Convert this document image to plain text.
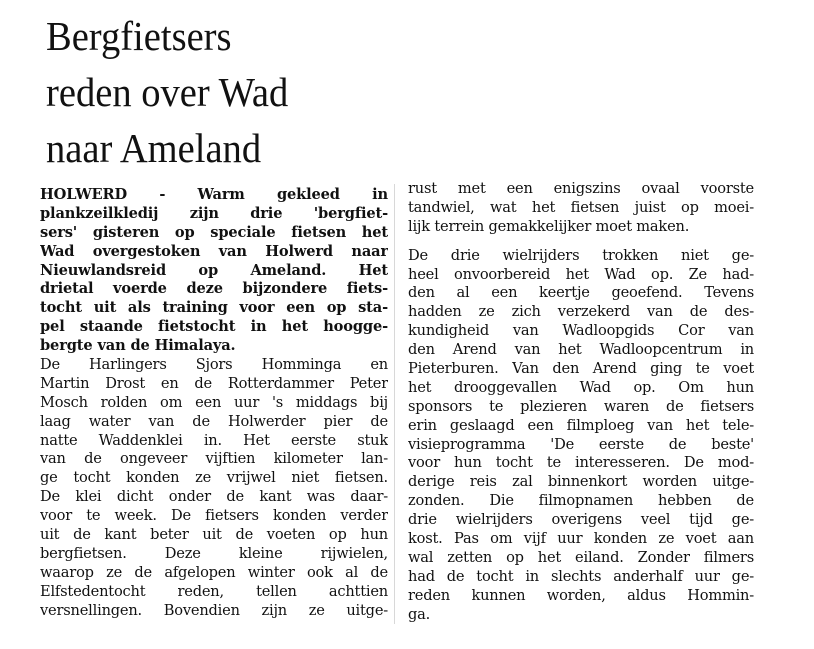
Bergfietsers
reden over Wad
naar Ameland
HOLWERD - Warm gekleed in
plankzeilkledij zijn drie 'bergfiet-
sers' gisteren op speciale fietsen het
Wad overgestoken van Holwerd naar
Nieuwlandsreid op Ameland. Het
drietal voerde deze bijzondere fiets-
tocht uit als training voor een op sta-
pel staande fietstocht in het hoogge-
bergte van de Himalaya.
De Harlingers Sjors Homminga en
Martin Drost en de Rotterdammer Peter
Mosch rolden om een uur 's middags bij
laag water van de Holwerder pier de
natte Waddenklei in. Het eerste stuk
van de ongeveer vijftien kilometer lan-
ge tocht konden ze vrijwel niet fietsen.
De klei dicht onder de kant was daar-
voor te week. De fietsers konden verder
uit de kant beter uit de voeten op hun
bergfietsen. Deze kleine rijwielen,
waarop ze de afgelopen winter ook al de
Elfstedentocht reden, tellen achttien
versnellingen. Bovendien zijn ze uitge-
rust met een enigszins ovaal voorste
tandwiel, wat het fietsen juist op moei-
lijk terrein gemakkelijker moet maken.
De drie wielrijders trokken niet ge-
heel onvoorbereid het Wad op. Ze had-
den al een keertje geoefend. Tevens
hadden ze zich verzekerd van de des-
kundigheid van Wadloopgids Cor van
den Arend van het Wadloopcentrum in
Pieterburen. Van den Arend ging te voet
het drooggevallen Wad op. Om hun
sponsors te plezieren waren de fietsers
erin geslaagd een filmploeg van het tele-
visieprogramma 'De eerste de beste'
voor hun tocht te interesseren. De mod-
derige reis zal binnenkort worden uitge-
zonden. Die filmopnamen hebben de
drie wielrijders overigens veel tijd ge-
kost. Pas om vijf uur konden ze voet aan
wal zetten op het eiland. Zonder filmers
had de tocht in slechts anderhalf uur ge-
reden kunnen worden, aldus Hommin-
ga.
